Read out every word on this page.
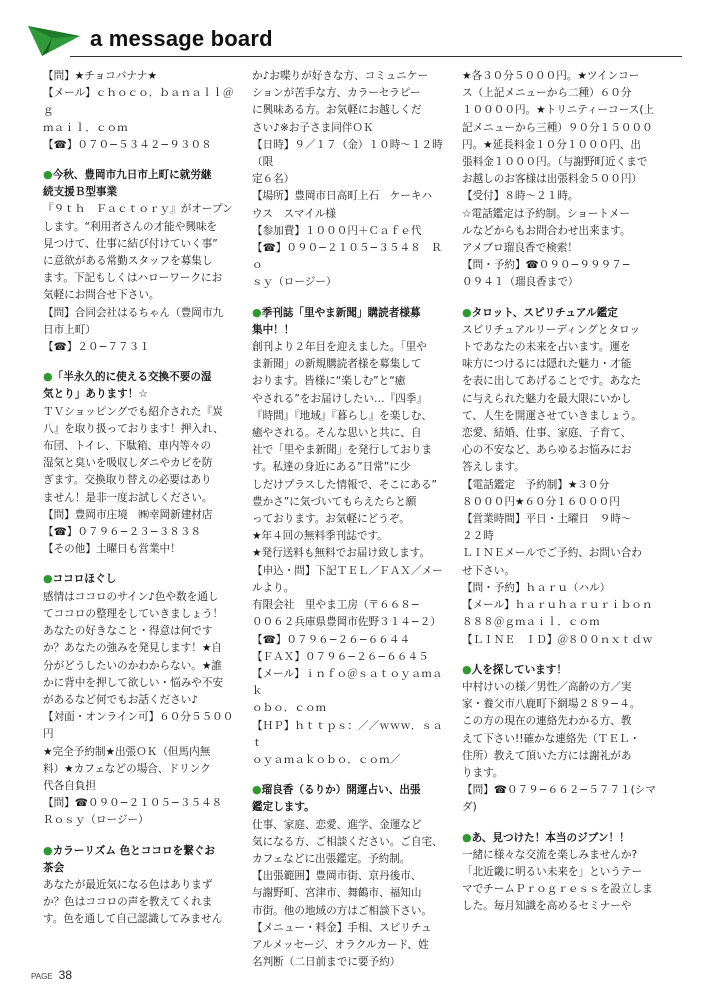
a message board

【問】★チョコバナナ★

【メール】ｃｈｏｃｏ．ｂａｎａｌｌ＠ｇ

ｍａｉｌ．ｃｏｍ

【☎】０７０−５３４２−９３０８

●今秋、豊岡市九日市上町に就労継

続支援Ｂ型事業

『９ｔｈ　Ｆａｃｔｏｒｙ』がオープン

します。“利用者さんの才能や興味を

見つけて、仕事に結び付けていく事”

に意欲がある常勤スタッフを募集し

ます。下記もしくはハローワークにお

気軽にお問合せ下さい。

【問】合同会社はるちゃん（豊岡市九

日市上町）

【☎】２０−７７３１

●「半永久的に使える交換不要の湿

気とり」あります！☆

ＴＶショッピングでも紹介された『炭

八』を取り扱っております！押入れ、

布団、トイレ、下駄箱、車内等々の

湿気と臭いを吸収しダニやカビを防

ぎます。交換取り替えの必要はあり

ません！是非一度お試しください。

【問】豊岡市庄境　㈱幸岡新建材店

【☎】０７９６−２３−３８３８

【その他】土曜日も営業中！

●ココロほぐし

感情はココロのサイン♪色や数を通し

てココロの整理をしていきましょう！

あなたの好きなこと・得意は何です

か？あなたの強みを発見します！★自

分がどうしたいのかわからない。★誰

かに背中を押して欲しい・悩みや不安

があるなど何でもお話ください♪

【対面・オンライン可】６０分５５００円

★完全予約制★出張ＯＫ（但馬内無

料）★カフェなどの場合、ドリンク

代各自負担

【問】☎０９０−２１０５−３５４８

Ｒｏｓｙ（ロージー）

●カラーリズム 色とココロを繋ぐお

茶会

あなたが最近気になる色はありまず

か？色はココロの声を教えてくれま

す。色を通して自己認識してみません

か♪お喋りが好きな方、コミュニケー

ションが苦手な方、カラーセラピー

に興味ある方。お気軽にお越しくだ

さい♪※お子さま同伴ＯＫ

【日時】９／１７（金）１０時〜１２時（限

定６名）

【場所】豊岡市日高町上石　ケーキハ

ウス　スマイル様

【参加費】１０００円＋Ｃａｆｅ代

【☎】０９０−２１０５−３５４８　Ｒｏ

ｓｙ（ロージー）

●季刊誌「里やま新聞」購読者様募

集中！！

創刊より２年目を迎えました。「里や

ま新聞」の新規購読者様を募集して

おります。皆様に“楽しむ”と“癒

やされる”をお届けしたい…『四季』

『時間』『地域』『暮らし』を楽しむ、

癒やされる。そんな思いと共に、自

社で「里やま新聞」を発行しておりま

す。私達の身近にある”日常”に少

しだけプラスした情報で、そこにある”

豊かさ”に気づいてもらえたらと願

っております。お気軽にどうぞ。

★年４回の無料季刊誌です。

★発行送料も無料でお届け致します。

【申込・問】下記ＴＥＬ／ＦＡＸ／メー

ルより。

有限会社　里やま工房（〒６６８−

００６２兵庫県豊岡市佐野３１４−２）

【☎】０７９６−２６−６６４４

【ＦＡＸ】０７９６−２６−６６４５

【メール】ｉｎｆｏ＠ｓａｔｏｙａｍａｋ

ｏｂｏ．ｃｏｍ

【ＨＰ】ｈｔｔｐｓ：／／ｗｗｗ．ｓａｔ

ｏｙａｍａｋｏｂｏ．ｃｏｍ／

●瑠良香（るりか）開運占い、出張

鑑定します。

仕事、家庭、恋愛、進学、金運など

気になる方、ご相談ください。ご自宅、

カフェなどに出張鑑定。予約制。

【出張範囲】豊岡市街、京丹後市、

与謝野町、宮津市、舞鶴市、福知山

市街。他の地域の方はご相談下さい。

【メニュー・料金】手相、スピリチュ

アルメッセージ、オラクルカード、姓

名判断（二日前までに要予約）

★各３０分５０００円。★ツインコー

ス（上記メニューから二種）６０分

１００００円。★トリニティーコース(上

記メニューから三種）９０分１５０００

円。★延長料金１０分１０００円、出

張料金１０００円。（与謝野町近くまで

お越しのお客様は出張料金５００円）

【受付】８時〜２１時。

☆電話鑑定は予約制。ショートメー

ルなどからもお問合わせ出来ます。

アメブロ瑠良香で検索！

【問・予約】☎０９０−９９９７−

０９４１（瑠良香まで）

●タロット、スピリチュアル鑑定

スピリチュアルリーディングとタロッ

トであなたの未来を占います。運を

味方につけるには隠れた魅力・才能

を表に出してあげることです。あなた

に与えられた魅力を最大限にいかし

て、人生を開運させていきましょう。

恋愛、結婚、仕事、家庭、子育て、

心の不安など、あらゆるお悩みにお

答えします。

【電話鑑定　予約制】★３０分

８０００円★６０分１６０００円

【営業時間】平日・土曜日　９時〜

２２時

ＬＩＮＥメールでご予約、お問い合わ

せ下さい。

【問・予約】ｈａｒｕ（ハル）

【メール】ｈａｒｕｈａｒｕｒｉｂｏｎ

８８８＠ｇｍａｉｌ．ｃｏｍ

【ＬＩＮＥ　ＩＤ】＠８００ｎｘｔｄｗ

●人を探しています！

中村けいの様／男性／高齢の方／実

家・養父市八鹿町下網場２８９−４。

この方の現在の連絡先わかる方、教

えて下さい!!確かな連絡先（ＴＥＬ・

住所）教えて頂いた方には謝礼があ

ります。

【問】☎０７９−６６２−５７７１(シマダ)

●あ、見つけた！本当のジブン！！

一緒に様々な交流を楽しみませんか?

「北近畿に明るい未来を」というテー

マでチームＰｒｏｇｒｅｓｓを設立しま

した。毎月知識を高めるセミナーや

PAGE 38
